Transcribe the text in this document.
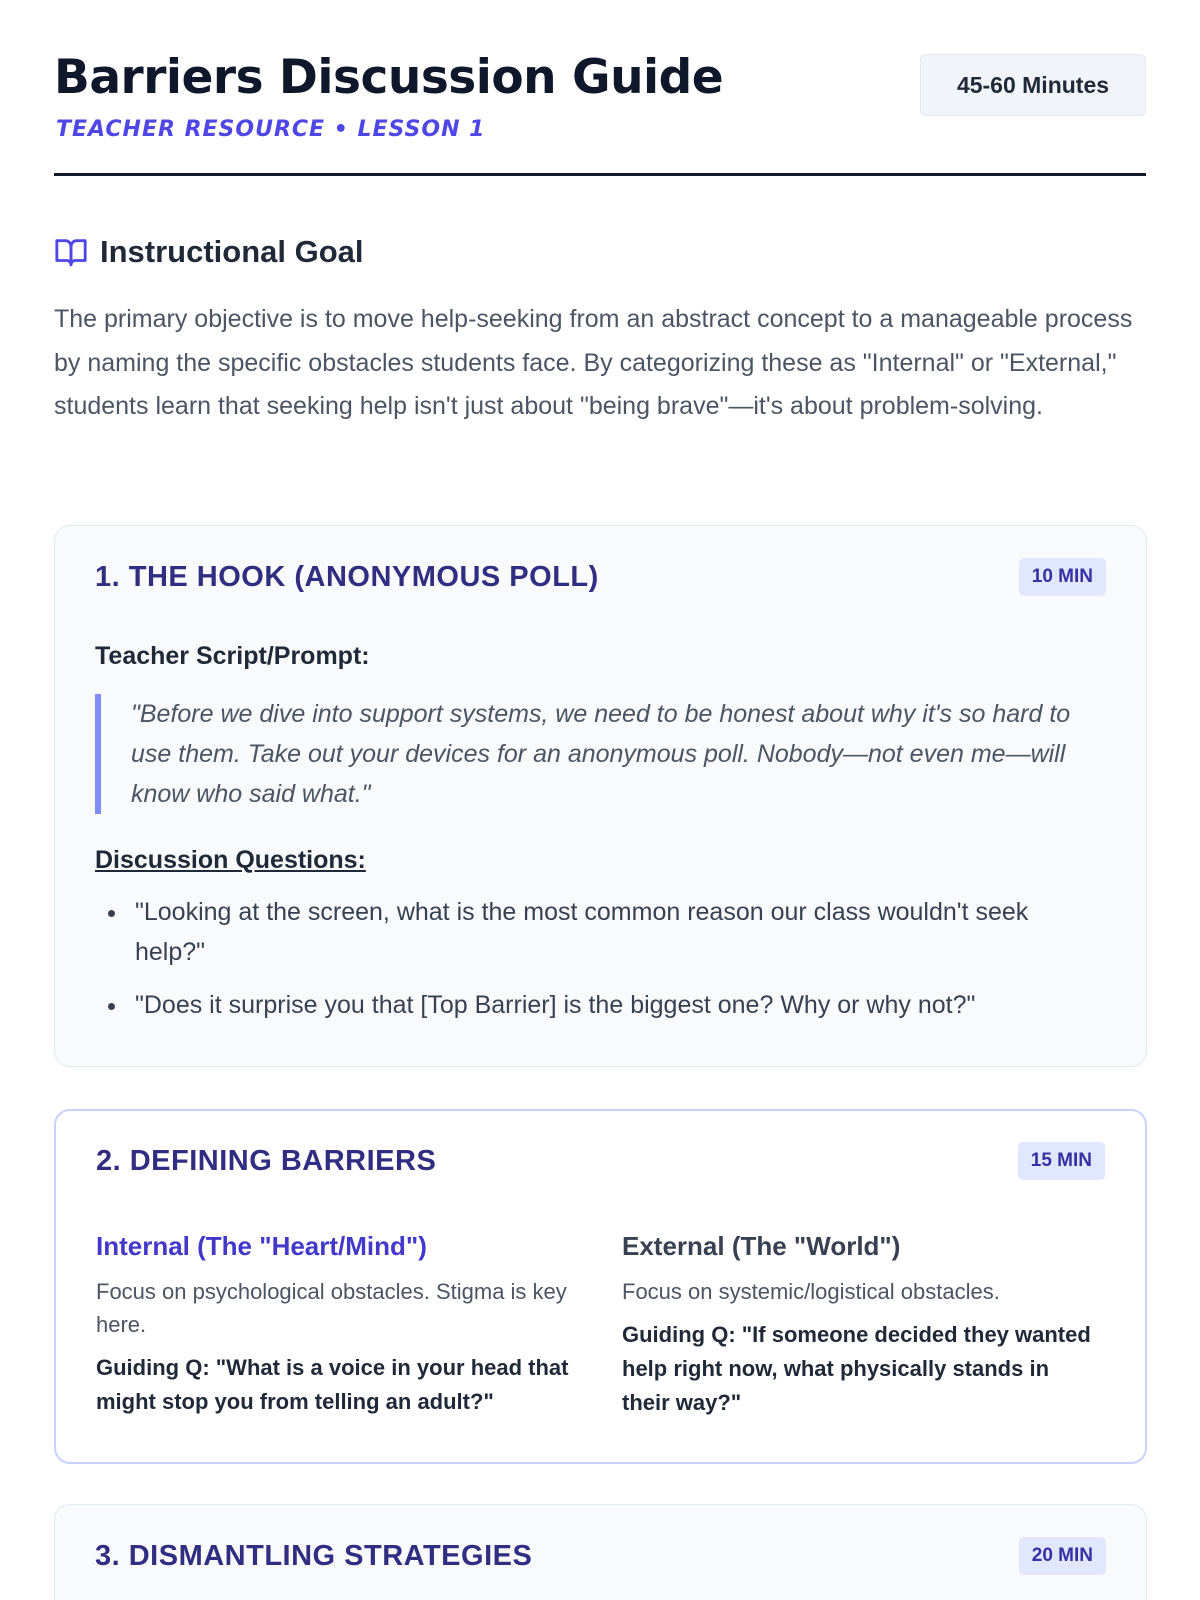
Barriers Discussion Guide
TEACHER RESOURCE • LESSON 1
45-60 Minutes
Instructional Goal

The primary objective is to move help-seeking from an abstract concept to a manageable process by naming the specific obstacles students face. By categorizing these as "Internal" or "External," students learn that seeking help isn't just about "being brave"—it's about problem-solving.

1. THE HOOK (ANONYMOUS POLL)	10 MIN
Teacher Script/Prompt:
"Before we dive into support systems, we need to be honest about why it's so hard to use them. Take out your devices for an anonymous poll. Nobody—not even me—will know who said what."
Discussion Questions:
"Looking at the screen, what is the most common reason our class wouldn't seek help?"
"Does it surprise you that [Top Barrier] is the biggest one? Why or why not?"
2. DEFINING BARRIERS	15 MIN
Internal (The "Heart/Mind")
Focus on psychological obstacles. Stigma is key here.
Guiding Q: "What is a voice in your head that might stop you from telling an adult?"
External (The "World")
Focus on systemic/logistical obstacles.
Guiding Q: "If someone decided they wanted help right now, what physically stands in their way?"
3. DISMANTLING STRATEGIES	20 MIN
